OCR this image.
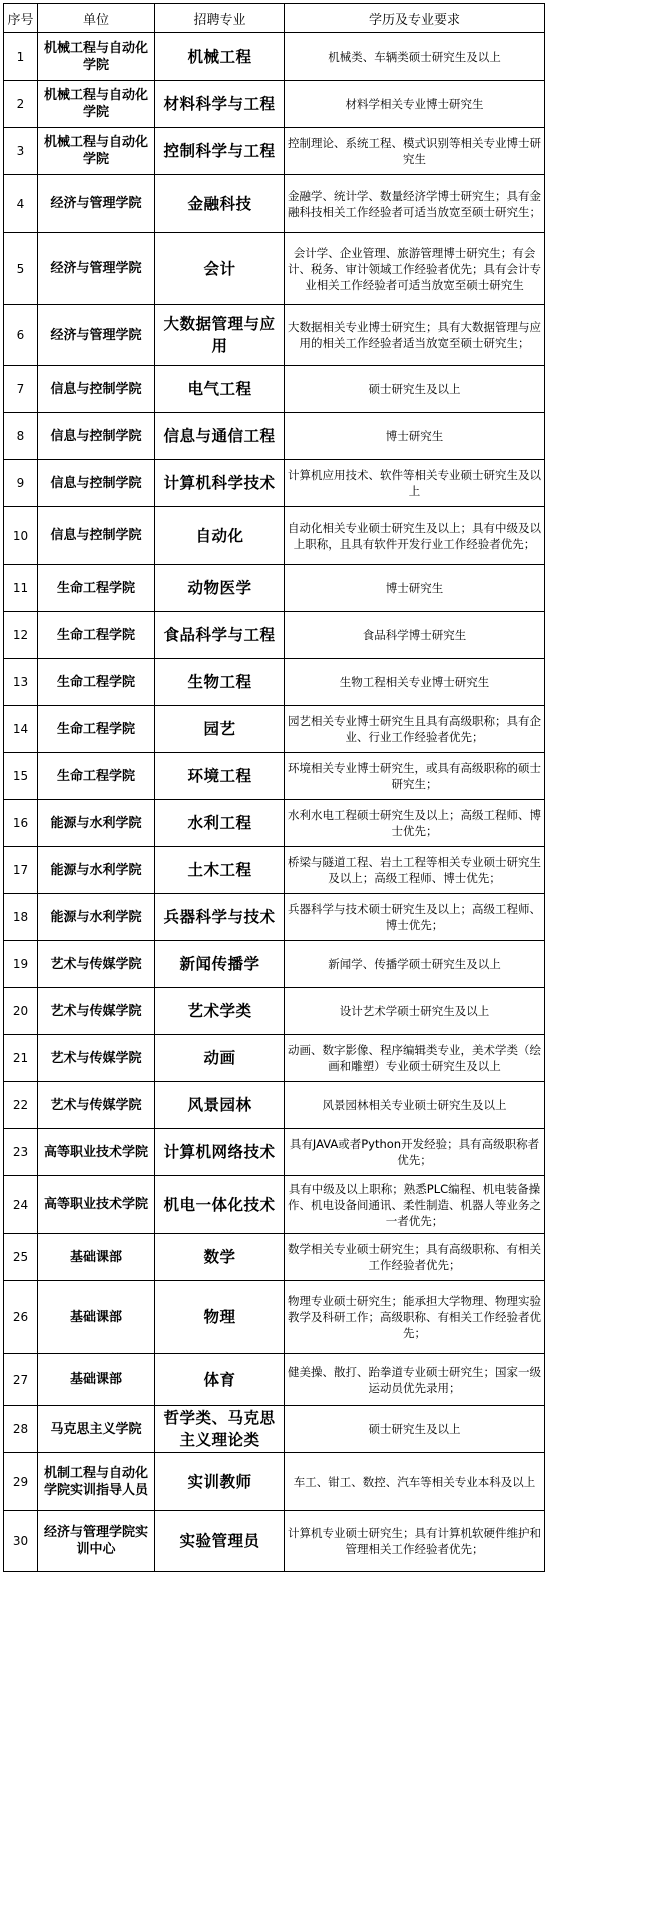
序号	单位	招聘专业	学历及专业要求
1	机械工程与自动化学院	机械工程	机械类、车辆类硕士研究生及以上
2	机械工程与自动化学院	材料科学与工程	材料学相关专业博士研究生
3	机械工程与自动化学院	控制科学与工程	控制理论、系统工程、模式识别等相关专业博士研究生
4	经济与管理学院	金融科技	金融学、统计学、数量经济学博士研究生；具有金融科技相关工作经验者可适当放宽至硕士研究生；
5	经济与管理学院	会计	会计学、企业管理、旅游管理博士研究生；有会计、税务、审计领域工作经验者优先；具有会计专业相关工作经验者可适当放宽至硕士研究生
6	经济与管理学院	大数据管理与应用	大数据相关专业博士研究生；具有大数据管理与应用的相关工作经验者适当放宽至硕士研究生；
7	信息与控制学院	电气工程	硕士研究生及以上
8	信息与控制学院	信息与通信工程	博士研究生
9	信息与控制学院	计算机科学技术	计算机应用技术、软件等相关专业硕士研究生及以上
10	信息与控制学院	自动化	自动化相关专业硕士研究生及以上；具有中级及以上职称，且具有软件开发行业工作经验者优先；
11	生命工程学院	动物医学	博士研究生
12	生命工程学院	食品科学与工程	食品科学博士研究生
13	生命工程学院	生物工程	生物工程相关专业博士研究生
14	生命工程学院	园艺	园艺相关专业博士研究生且具有高级职称；具有企业、行业工作经验者优先；
15	生命工程学院	环境工程	环境相关专业博士研究生，或具有高级职称的硕士研究生；
16	能源与水利学院	水利工程	水利水电工程硕士研究生及以上；高级工程师、博士优先；
17	能源与水利学院	土木工程	桥梁与隧道工程、岩土工程等相关专业硕士研究生及以上；高级工程师、博士优先；
18	能源与水利学院	兵器科学与技术	兵器科学与技术硕士研究生及以上；高级工程师、博士优先；
19	艺术与传媒学院	新闻传播学	新闻学、传播学硕士研究生及以上
20	艺术与传媒学院	艺术学类	设计艺术学硕士研究生及以上
21	艺术与传媒学院	动画	动画、数字影像、程序编辑类专业，美术学类（绘画和雕塑）专业硕士研究生及以上
22	艺术与传媒学院	风景园林	风景园林相关专业硕士研究生及以上
23	高等职业技术学院	计算机网络技术	具有JAVA或者Python开发经验；具有高级职称者优先；
24	高等职业技术学院	机电一体化技术	具有中级及以上职称；熟悉PLC编程、机电装备操作、机电设备间通讯、柔性制造、机器人等业务之一者优先；
25	基础课部	数学	数学相关专业硕士研究生；具有高级职称、有相关工作经验者优先；
26	基础课部	物理	物理专业硕士研究生；能承担大学物理、物理实验教学及科研工作；高级职称、有相关工作经验者优先；
27	基础课部	体育	健美操、散打、跆拳道专业硕士研究生；国家一级运动员优先录用；
28	马克思主义学院	哲学类、马克思主义理论类	硕士研究生及以上
29	机制工程与自动化学院实训指导人员	实训教师	车工、钳工、数控、汽车等相关专业本科及以上
30	经济与管理学院实训中心	实验管理员	计算机专业硕士研究生；具有计算机软硬件维护和管理相关工作经验者优先；
